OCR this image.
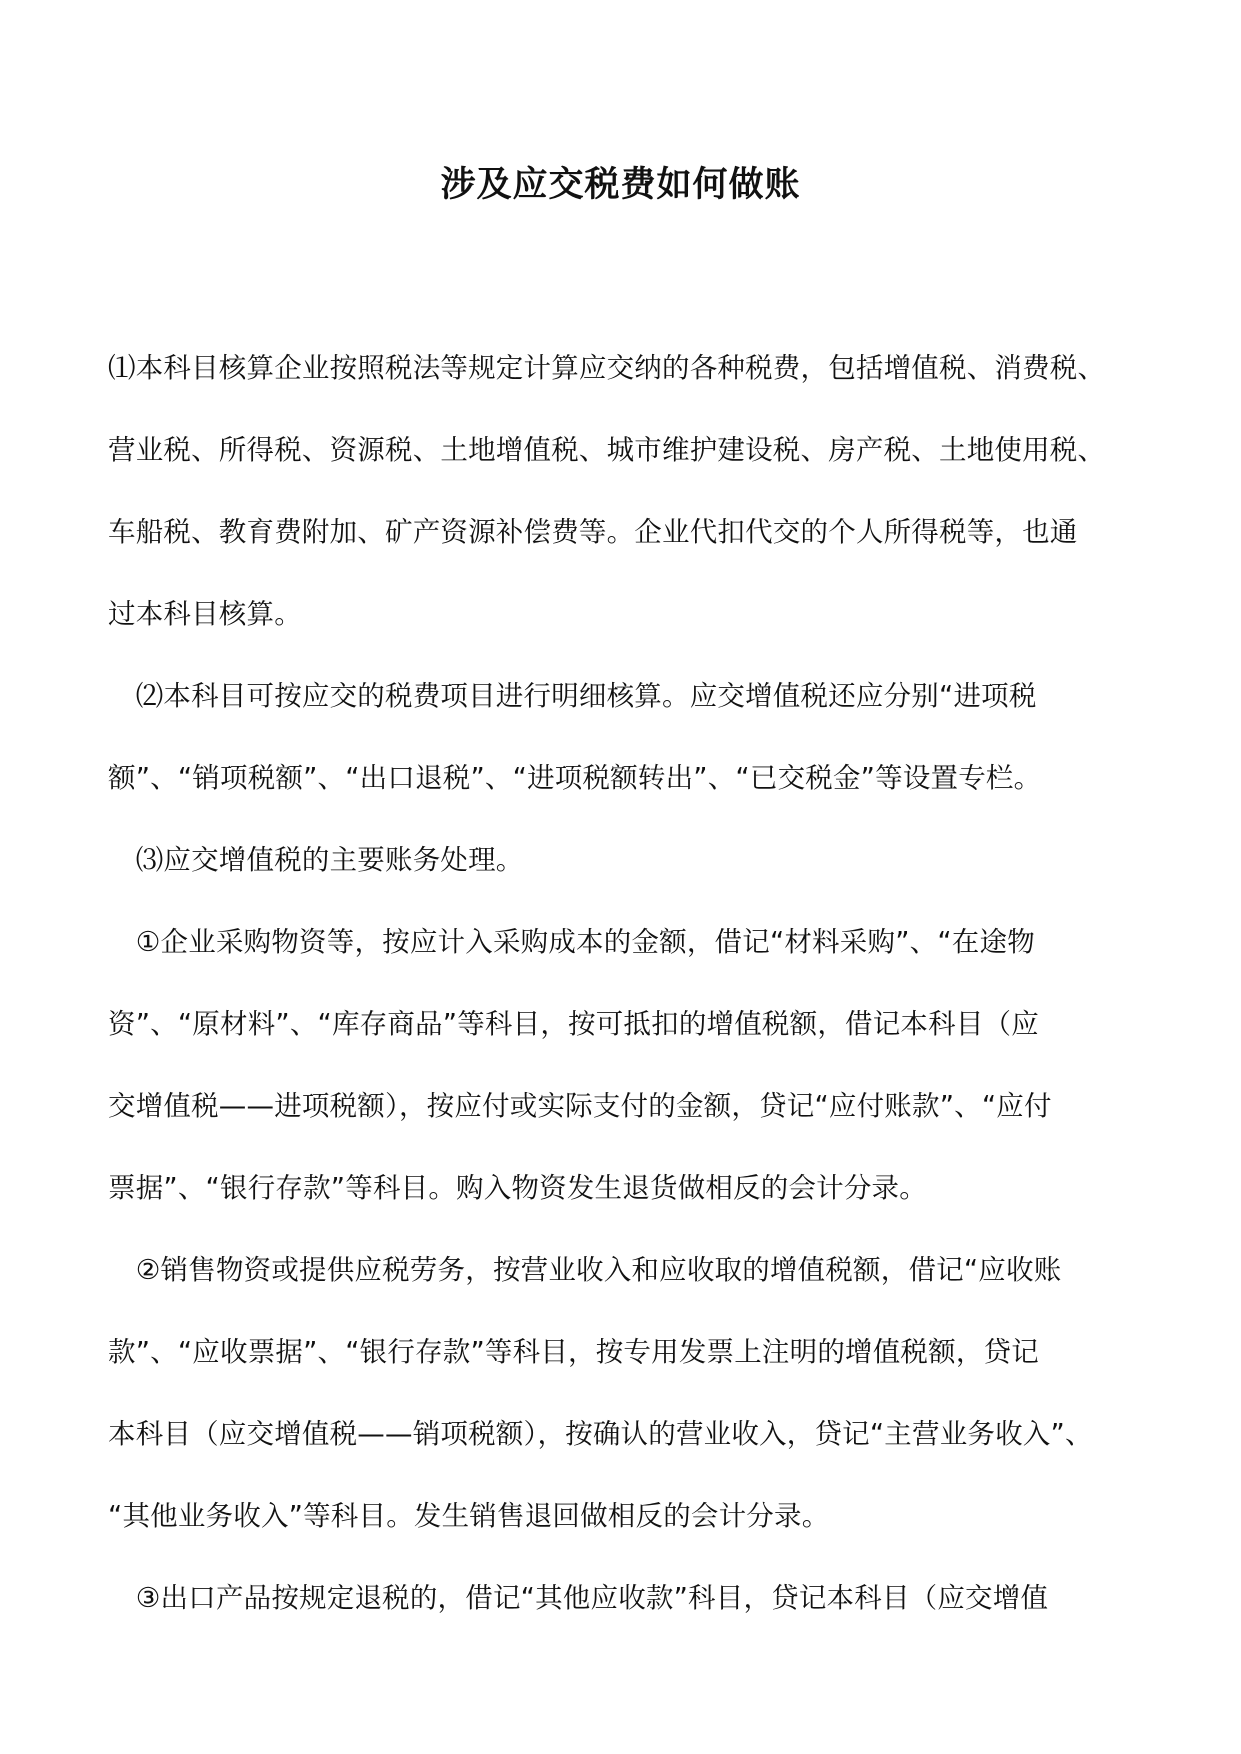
涉及应交税费如何做账
⑴本科目核算企业按照税法等规定计算应交纳的各种税费，包括增值税、消费税、
营业税、所得税、资源税、土地增值税、城市维护建设税、房产税、土地使用税、
车船税、教育费附加、矿产资源补偿费等。企业代扣代交的个人所得税等，也通
过本科目核算。
　⑵本科目可按应交的税费项目进行明细核算。应交增值税还应分别“进项税
额”、“销项税额”、“出口退税”、“进项税额转出”、“已交税金”等设置专栏。
　⑶应交增值税的主要账务处理。
　①企业采购物资等，按应计入采购成本的金额，借记“材料采购”、“在途物
资”、“原材料”、“库存商品”等科目，按可抵扣的增值税额，借记本科目（应
交增值税——进项税额），按应付或实际支付的金额，贷记“应付账款”、“应付
票据”、“银行存款”等科目。购入物资发生退货做相反的会计分录。
　②销售物资或提供应税劳务，按营业收入和应收取的增值税额，借记“应收账
款”、“应收票据”、“银行存款”等科目，按专用发票上注明的增值税额，贷记
本科目（应交增值税——销项税额），按确认的营业收入，贷记“主营业务收入”、
“其他业务收入”等科目。发生销售退回做相反的会计分录。
　③出口产品按规定退税的，借记“其他应收款”科目，贷记本科目（应交增值
